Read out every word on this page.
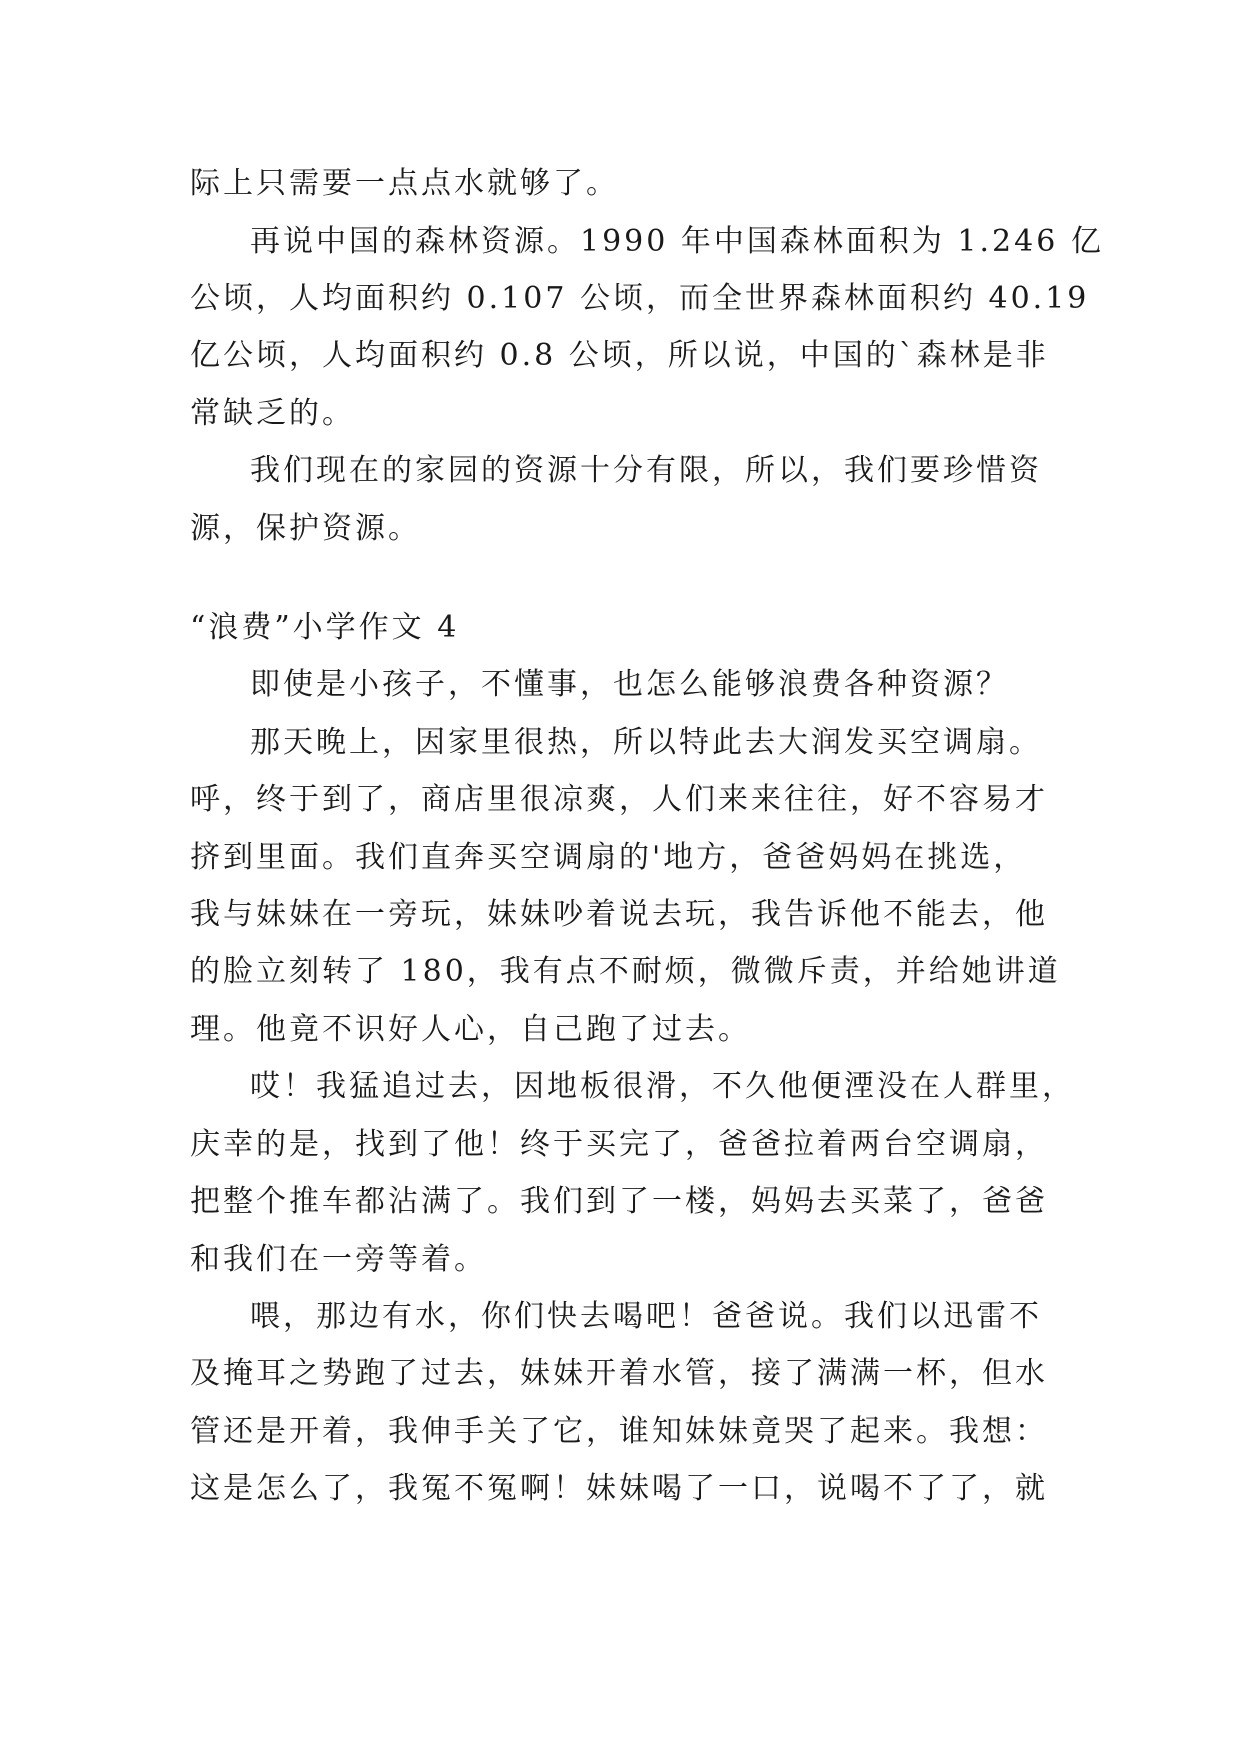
际上只需要一点点水就够了。
再说中国的森林资源。1990 年中国森林面积为 1.246 亿
公顷，人均面积约 0.107 公顷，而全世界森林面积约 40.19
亿公顷，人均面积约 0.8 公顷，所以说，中国的`森林是非
常缺乏的。
我们现在的家园的资源十分有限，所以，我们要珍惜资
源，保护资源。
“浪费”小学作文 4
即使是小孩子，不懂事，也怎么能够浪费各种资源？
那天晚上，因家里很热，所以特此去大润发买空调扇。
呼，终于到了，商店里很凉爽，人们来来往往，好不容易才
挤到里面。我们直奔买空调扇的'地方，爸爸妈妈在挑选，
我与妹妹在一旁玩，妹妹吵着说去玩，我告诉他不能去，他
的脸立刻转了 180，我有点不耐烦，微微斥责，并给她讲道
理。他竟不识好人心，自己跑了过去。
哎！我猛追过去，因地板很滑，不久他便湮没在人群里，
庆幸的是，找到了他！终于买完了，爸爸拉着两台空调扇，
把整个推车都沾满了。我们到了一楼，妈妈去买菜了，爸爸
和我们在一旁等着。
喂，那边有水，你们快去喝吧！爸爸说。我们以迅雷不
及掩耳之势跑了过去，妹妹开着水管，接了满满一杯，但水
管还是开着，我伸手关了它，谁知妹妹竟哭了起来。我想：
这是怎么了，我冤不冤啊！妹妹喝了一口，说喝不了了，就
